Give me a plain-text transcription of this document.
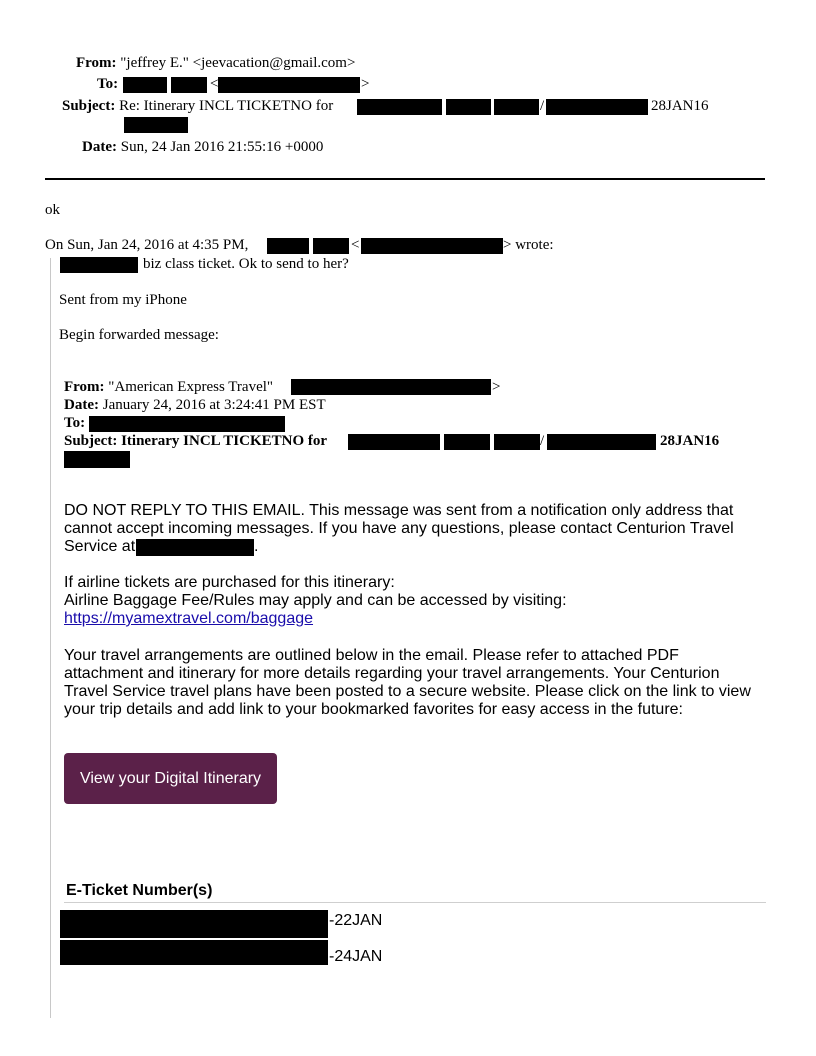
From: "jeffrey E." <jeevacation@gmail.com>
To:	<	>
Subject: Re: Itinerary INCL TICKETNO for	/	28JAN16
Date: Sun, 24 Jan 2016 21:55:16 +0000
ok
On Sun, Jan 24, 2016 at 4:35 PM,	<	> wrote:
biz class ticket. Ok to send to her?
Sent from my iPhone
Begin forwarded message:
From: "American Express Travel"	>
Date: January 24, 2016 at 3:24:41 PM EST
To:
Subject: Itinerary INCL TICKETNO for	/	28JAN16
DO NOT REPLY TO THIS EMAIL. This message was sent from a notification only address that
cannot accept incoming messages. If you have any questions, please contact Centurion Travel
Service at	.
If airline tickets are purchased for this itinerary:
Airline Baggage Fee/Rules may apply and can be accessed by visiting:
https://myamextravel.com/baggage
Your travel arrangements are outlined below in the email. Please refer to attached PDF
attachment and itinerary for more details regarding your travel arrangements. Your Centurion
Travel Service travel plans have been posted to a secure website. Please click on the link to view
your trip details and add link to your bookmarked favorites for easy access in the future:
View your Digital Itinerary
E-Ticket Number(s)
-22JAN
-24JAN
